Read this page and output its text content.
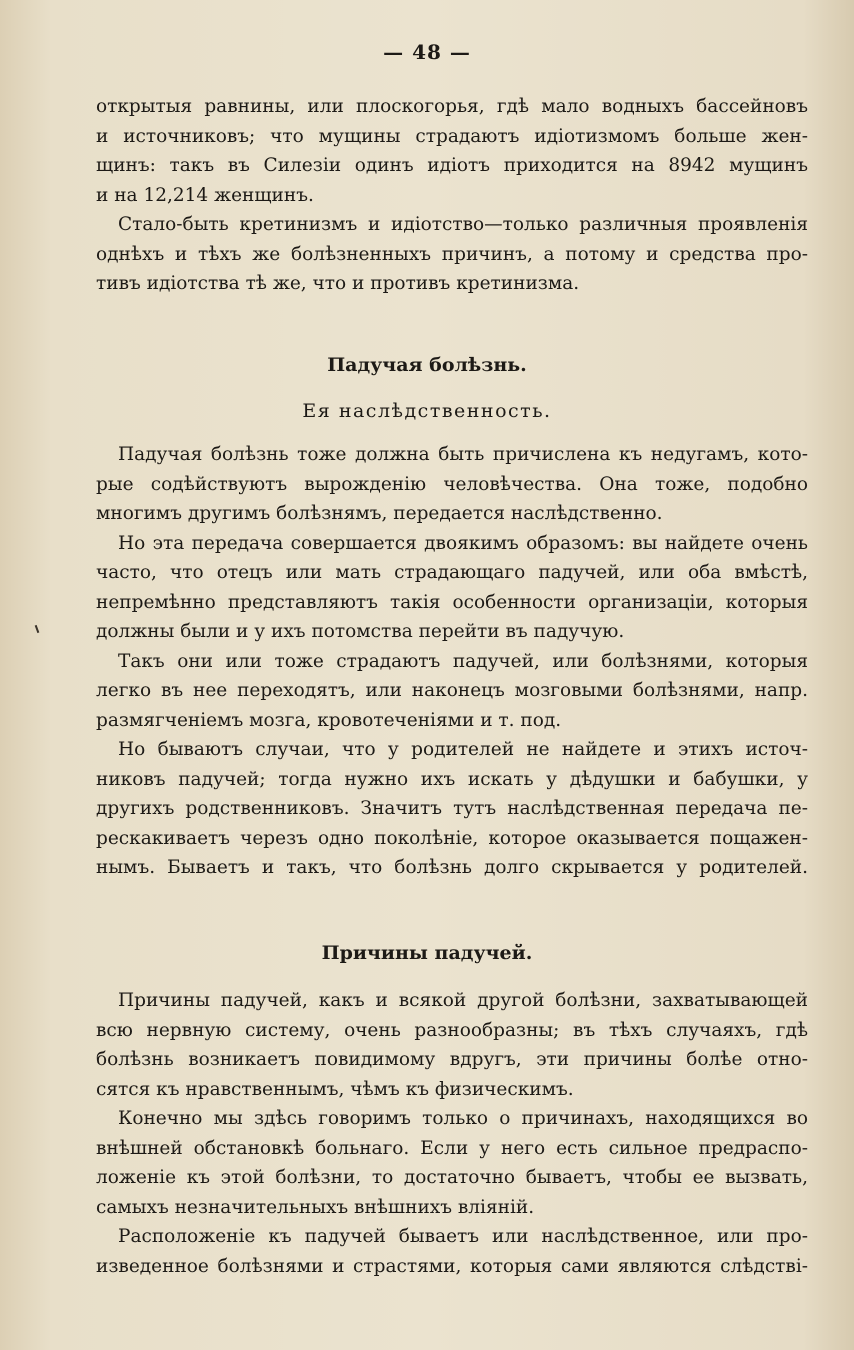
— 48 —
открытыя равнины, или плоскогорья, гдѣ мало водныхъ бассейновъ
и источниковъ; что мущины страдаютъ идiотизмомъ больше жен-
щинъ: такъ въ Силезiи одинъ идiотъ приходится на 8942 мущинъ
и на 12,214 женщинъ.
Стало-быть кретинизмъ и идiотство—только различныя проявленiя
однѣхъ и тѣхъ же болѣзненныхъ причинъ, а потому и средства про-
тивъ идiотства тѣ же, что и противъ кретинизма.
Падучая болѣзнь.
Ея наслѣдственность.
Падучая болѣзнь тоже должна быть причислена къ недугамъ, кото-
рые содѣйствуютъ вырожденiю человѣчества. Она тоже, подобно
многимъ другимъ болѣзнямъ, передается наслѣдственно.
Но эта передача совершается двоякимъ образомъ: вы найдете очень
часто, что отецъ или мать страдающаго падучей, или оба вмѣстѣ,
непремѣнно представляютъ такiя особенности организацiи, которыя
должны были и у ихъ потомства перейти въ падучую.
Такъ они или тоже страдаютъ падучей, или болѣзнями, которыя
легко въ нее переходятъ, или наконецъ мозговыми болѣзнями, напр.
размягченiемъ мозга, кровотеченiями и т. под.
Но бываютъ случаи, что у родителей не найдете и этихъ источ-
никовъ падучей; тогда нужно ихъ искать у дѣдушки и бабушки, у
другихъ родственниковъ. Значитъ тутъ наслѣдственная передача пе-
рескакиваетъ черезъ одно поколѣнiе, которое оказывается пощажен-
нымъ. Бываетъ и такъ, что болѣзнь долго скрывается у родителей.
Причины падучей.
Причины падучей, какъ и всякой другой болѣзни, захватывающей
всю нервную систему, очень разнообразны; въ тѣхъ случаяхъ, гдѣ
болѣзнь возникаетъ повидимому вдругъ, эти причины болѣе отно-
сятся къ нравственнымъ, чѣмъ къ физическимъ.
Конечно мы здѣсь говоримъ только о причинахъ, находящихся во
внѣшней обстановкѣ больнаго. Если у него есть сильное предраспо-
ложенiе къ этой болѣзни, то достаточно бываетъ, чтобы ее вызвать,
самыхъ незначительныхъ внѣшнихъ влiянiй.
Расположенiе къ падучей бываетъ или наслѣдственное, или про-
изведенное болѣзнями и страстями, которыя сами являются слѣдствi-
